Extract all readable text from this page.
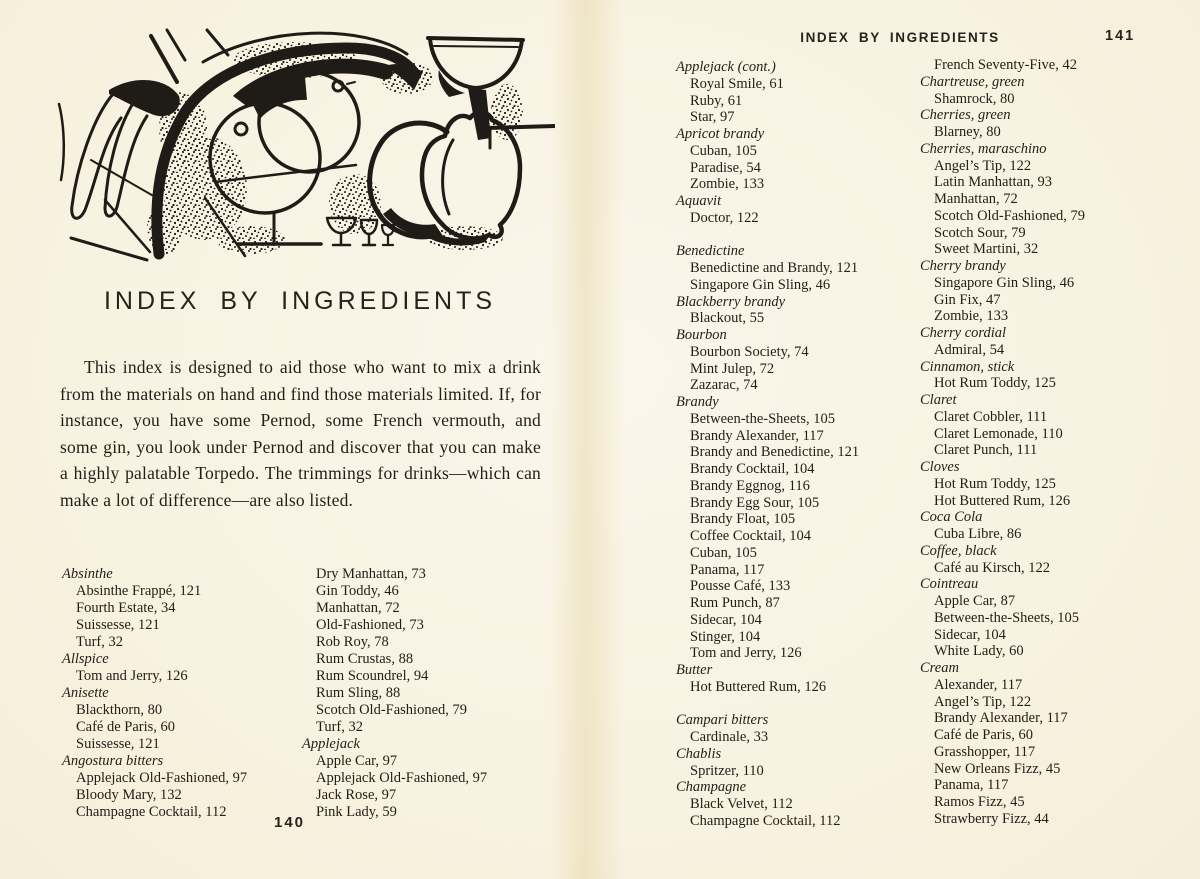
INDEX BY INGREDIENTS

This index is designed to aid those who want to mix a drink from the materials on hand and find those materials limited. If, for instance, you have some Pernod, some French vermouth, and some gin, you look under Pernod and discover that you can make a highly palatable Torpedo. The trimmings for drinks—which can make a lot of difference—are also listed.

Absinthe
Absinthe Frappé, 121
Fourth Estate, 34
Suissesse, 121
Turf, 32
Allspice
Tom and Jerry, 126
Anisette
Blackthorn, 80
Café de Paris, 60
Suissesse, 121
Angostura bitters
Applejack Old-Fashioned, 97
Bloody Mary, 132
Champagne Cocktail, 112
Dry Manhattan, 73
Gin Toddy, 46
Manhattan, 72
Old-Fashioned, 73
Rob Roy, 78
Rum Crustas, 88
Rum Scoundrel, 94
Rum Sling, 88
Scotch Old-Fashioned, 79
Turf, 32
Applejack
Apple Car, 97
Applejack Old-Fashioned, 97
Jack Rose, 97
Pink Lady, 59
140
INDEX BY INGREDIENTS	141
Applejack (cont.)
Royal Smile, 61
Ruby, 61
Star, 97
Apricot brandy
Cuban, 105
Paradise, 54
Zombie, 133
Aquavit
Doctor, 122
Benedictine
Benedictine and Brandy, 121
Singapore Gin Sling, 46
Blackberry brandy
Blackout, 55
Bourbon
Bourbon Society, 74
Mint Julep, 72
Zazarac, 74
Brandy
Between-the-Sheets, 105
Brandy Alexander, 117
Brandy and Benedictine, 121
Brandy Cocktail, 104
Brandy Eggnog, 116
Brandy Egg Sour, 105
Brandy Float, 105
Coffee Cocktail, 104
Cuban, 105
Panama, 117
Pousse Café, 133
Rum Punch, 87
Sidecar, 104
Stinger, 104
Tom and Jerry, 126
Butter
Hot Buttered Rum, 126
Campari bitters
Cardinale, 33
Chablis
Spritzer, 110
Champagne
Black Velvet, 112
Champagne Cocktail, 112
French Seventy-Five, 42
Chartreuse, green
Shamrock, 80
Cherries, green
Blarney, 80
Cherries, maraschino
Angel’s Tip, 122
Latin Manhattan, 93
Manhattan, 72
Scotch Old-Fashioned, 79
Scotch Sour, 79
Sweet Martini, 32
Cherry brandy
Singapore Gin Sling, 46
Gin Fix, 47
Zombie, 133
Cherry cordial
Admiral, 54
Cinnamon, stick
Hot Rum Toddy, 125
Claret
Claret Cobbler, 111
Claret Lemonade, 110
Claret Punch, 111
Cloves
Hot Rum Toddy, 125
Hot Buttered Rum, 126
Coca Cola
Cuba Libre, 86
Coffee, black
Café au Kirsch, 122
Cointreau
Apple Car, 87
Between-the-Sheets, 105
Sidecar, 104
White Lady, 60
Cream
Alexander, 117
Angel’s Tip, 122
Brandy Alexander, 117
Café de Paris, 60
Grasshopper, 117
New Orleans Fizz, 45
Panama, 117
Ramos Fizz, 45
Strawberry Fizz, 44
